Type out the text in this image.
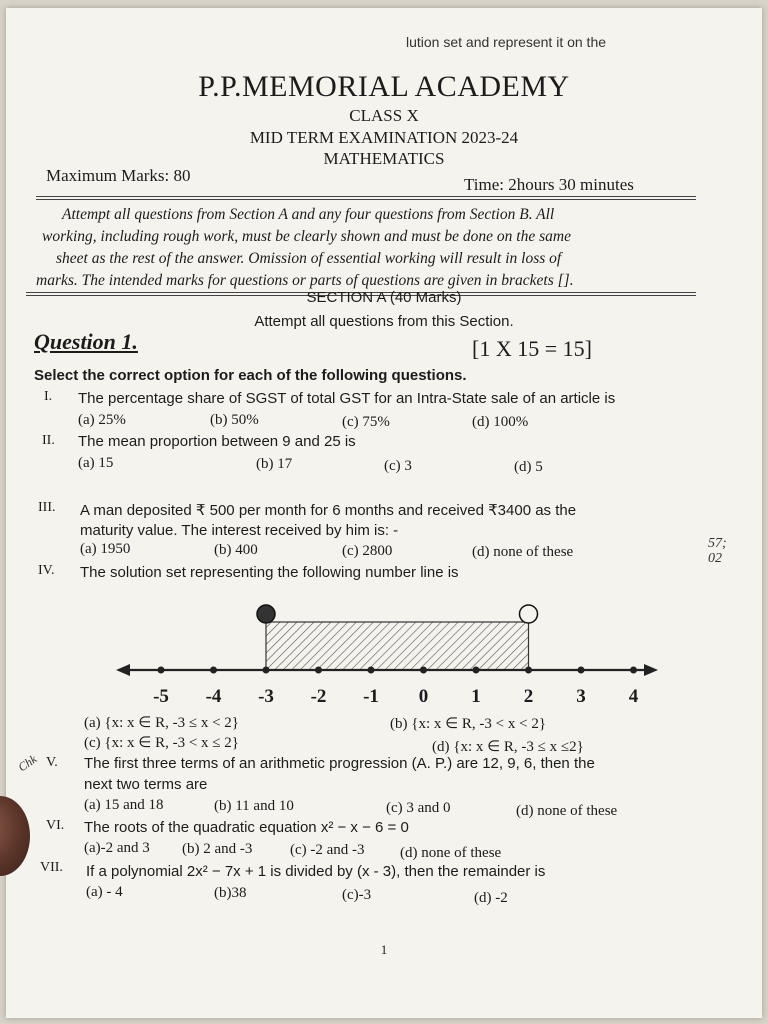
lution set and represent it on the
P.P.MEMORIAL ACADEMY
CLASS X
MID TERM EXAMINATION 2023-24
MATHEMATICS
Maximum Marks: 80	Time: 2hours 30 minutes
Attempt all questions from Section A and any four questions from Section B. All
working, including rough work, must be clearly shown and must be done on the same
sheet as the rest of the answer. Omission of essential working will result in loss of
marks. The intended marks for questions or parts of questions are given in brackets [].
SECTION A (40 Marks)
Attempt all questions from this Section.
Question 1.	[1 X 15 = 15]
Select the correct option for each of the following questions.
I. The percentage share of SGST of total GST for an Intra-State sale of an article is
(a) 25%	(b) 50%	(c) 75%	(d) 100%
II. The mean proportion between 9 and 25 is
(a) 15	(b) 17	(c) 3	(d) 5
III. A man deposited ₹ 500 per month for 6 months and received ₹3400 as the
maturity value. The interest received by him is: -
(a) 1950	(b) 400	(c) 2800	(d) none of these
IV. The solution set representing the following number line is
-5 -4 -3 -2 -1 0 1 2 3 4
(a) {x: x ∈ R, -3 ≤ x < 2}	(b) {x: x ∈ R, -3 < x < 2}
(c) {x: x ∈ R, -3 < x ≤ 2}	(d) {x: x ∈ R, -3 ≤ x ≤2}
V. The first three terms of an arithmetic progression (A. P.) are 12, 9, 6, then the
next two terms are
(a) 15 and 18	(b) 11 and 10	(c) 3 and 0	(d) none of these
VI. The roots of the quadratic equation x² − x − 6 = 0
(a)-2 and 3 (b) 2 and -3	(c) -2 and -3 (d) none of these
VII. If a polynomial 2x² − 7x + 1 is divided by (x - 3), then the remainder is
(a) - 4	(b)38	(c)-3	(d) -2
57;
02
Chk
1
